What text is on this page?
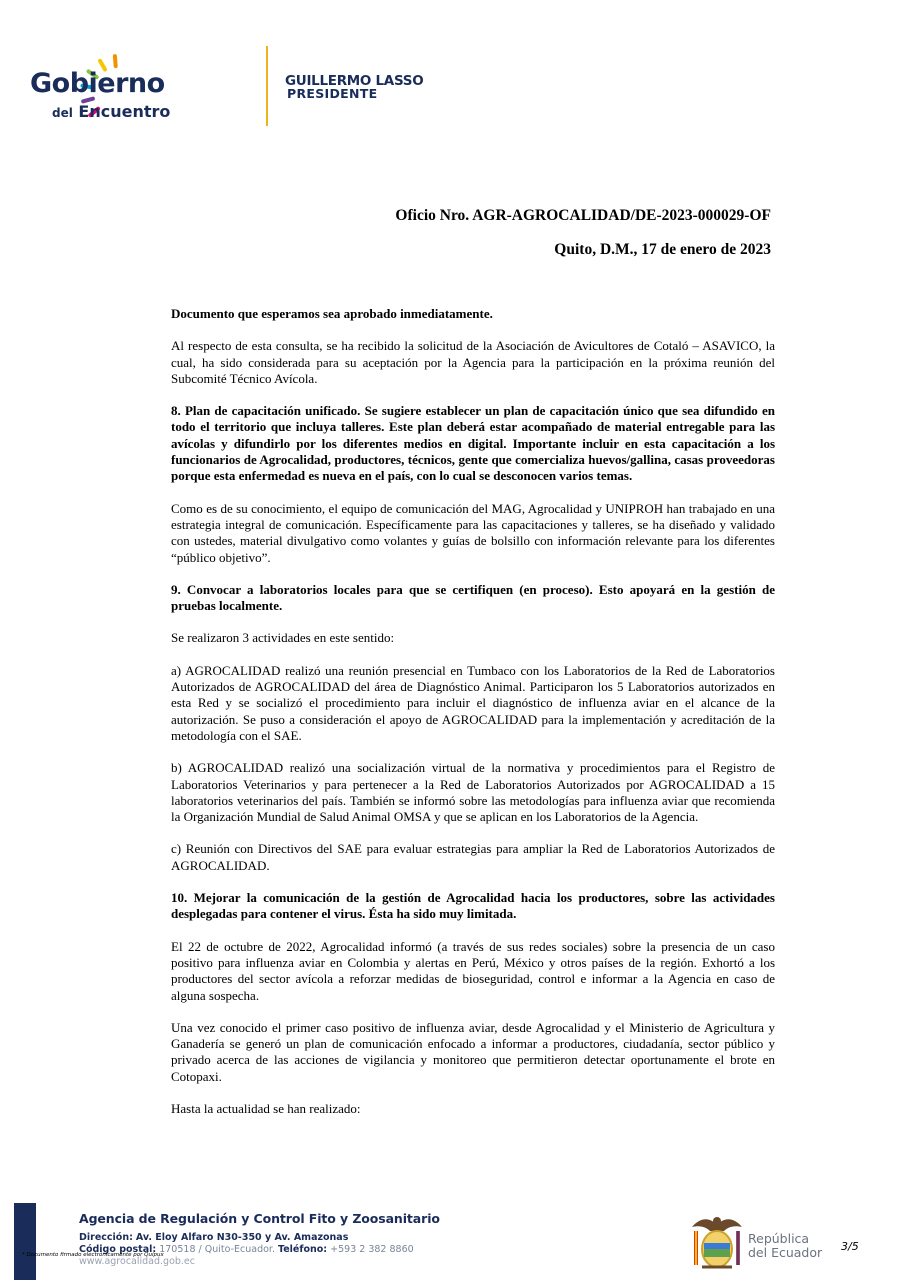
Gobierno
del Encuentro
GUILLERMO LASSO
PRESIDENTE
Oficio Nro. AGR-AGROCALIDAD/DE-2023-000029-OF
Quito, D.M., 17 de enero de 2023

Documento que esperamos sea aprobado inmediatamente.

Al respecto de esta consulta, se ha recibido la solicitud de la Asociación de Avicultores de Cotaló – ASAVICO, la cual, ha sido considerada para su aceptación por la Agencia para la participación en la próxima reunión del Subcomité Técnico Avícola.

8. Plan de capacitación unificado. Se sugiere establecer un plan de capacitación único que sea difundido en todo el territorio que incluya talleres. Este plan deberá estar acompañado de material entregable para las avícolas y difundirlo por los diferentes medios en digital. Importante incluir en esta capacitación a los funcionarios de Agrocalidad, productores, técnicos, gente que comercializa huevos/gallina, casas proveedoras porque esta enfermedad es nueva en el país, con lo cual se desconocen varios temas.

Como es de su conocimiento, el equipo de comunicación del MAG, Agrocalidad y UNIPROH han trabajado en una estrategia integral de comunicación. Específicamente para las capacitaciones y talleres, se ha diseñado y validado con ustedes, material divulgativo como volantes y guías de bolsillo con información relevante para los diferentes “público objetivo”.

9. Convocar a laboratorios locales para que se certifiquen (en proceso). Esto apoyará en la gestión de pruebas localmente.

Se realizaron 3 actividades en este sentido:

a) AGROCALIDAD realizó una reunión presencial en Tumbaco con los Laboratorios de la Red de Laboratorios Autorizados de AGROCALIDAD del área de Diagnóstico Animal. Participaron los 5 Laboratorios autorizados en esta Red y se socializó el procedimiento para incluir el diagnóstico de influenza aviar en el alcance de la autorización. Se puso a consideración el apoyo de AGROCALIDAD para la implementación y acreditación de la metodología con el SAE.

b) AGROCALIDAD realizó una socialización virtual de la normativa y procedimientos para el Registro de Laboratorios Veterinarios y para pertenecer a la Red de Laboratorios Autorizados por AGROCALIDAD a 15 laboratorios veterinarios del país. También se informó sobre las metodologías para influenza aviar que recomienda la Organización Mundial de Salud Animal OMSA y que se aplican en los Laboratorios de la Agencia.

c) Reunión con Directivos del SAE para evaluar estrategias para ampliar la Red de Laboratorios Autorizados de AGROCALIDAD.

10. Mejorar la comunicación de la gestión de Agrocalidad hacia los productores, sobre las actividades desplegadas para contener el virus. Ésta ha sido muy limitada.

El 22 de octubre de 2022, Agrocalidad informó (a través de sus redes sociales) sobre la presencia de un caso positivo para influenza aviar en Colombia y alertas en Perú, México y otros países de la región. Exhortó a los productores del sector avícola a reforzar medidas de bioseguridad, control e informar a la Agencia en caso de alguna sospecha.

Una vez conocido el primer caso positivo de influenza aviar, desde Agrocalidad y el Ministerio de Agricultura y Ganadería se generó un plan de comunicación enfocado a informar a productores, ciudadanía, sector público y privado acerca de las acciones de vigilancia y monitoreo que permitieron detectar oportunamente el brote en Cotopaxi.

Hasta la actualidad se han realizado:

Agencia de Regulación y Control Fito y Zoosanitario
Dirección: Av. Eloy Alfaro N30-350 y Av. Amazonas
Código postal: 170518 / Quito-Ecuador. Teléfono: +593 2 382 8860
www.agrocalidad.gob.ec
* Documento firmado electrónicamente por Quipux
República
del Ecuador 3/5
